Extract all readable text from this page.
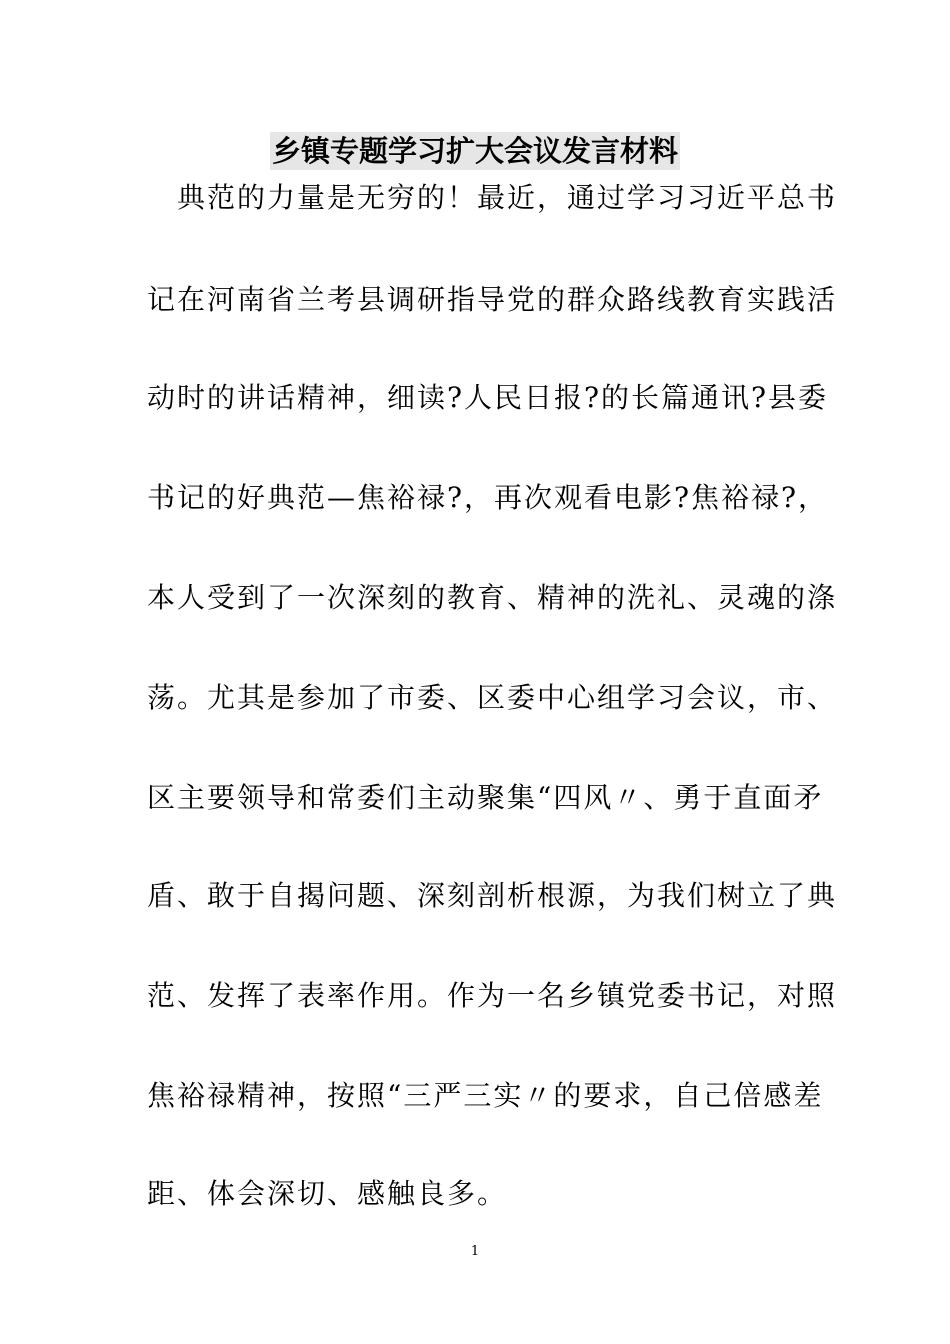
乡镇专题学习扩大会议发言材料
　典范的力量是无穷的！最近，通过学习习近平总书
记在河南省兰考县调研指导党的群众路线教育实践活
动时的讲话精神，细读?人民日报?的长篇通讯?县委
书记的好典范—焦裕禄?，再次观看电影?焦裕禄?，
本人受到了一次深刻的教育、精神的洗礼、灵魂的涤
荡。尤其是参加了市委、区委中心组学习会议，市、
区主要领导和常委们主动聚集“四风〃、勇于直面矛
盾、敢于自揭问题、深刻剖析根源，为我们树立了典
范、发挥了表率作用。作为一名乡镇党委书记，对照
焦裕禄精神，按照“三严三实〃的要求，自己倍感差
距、体会深切、感触良多。
1
